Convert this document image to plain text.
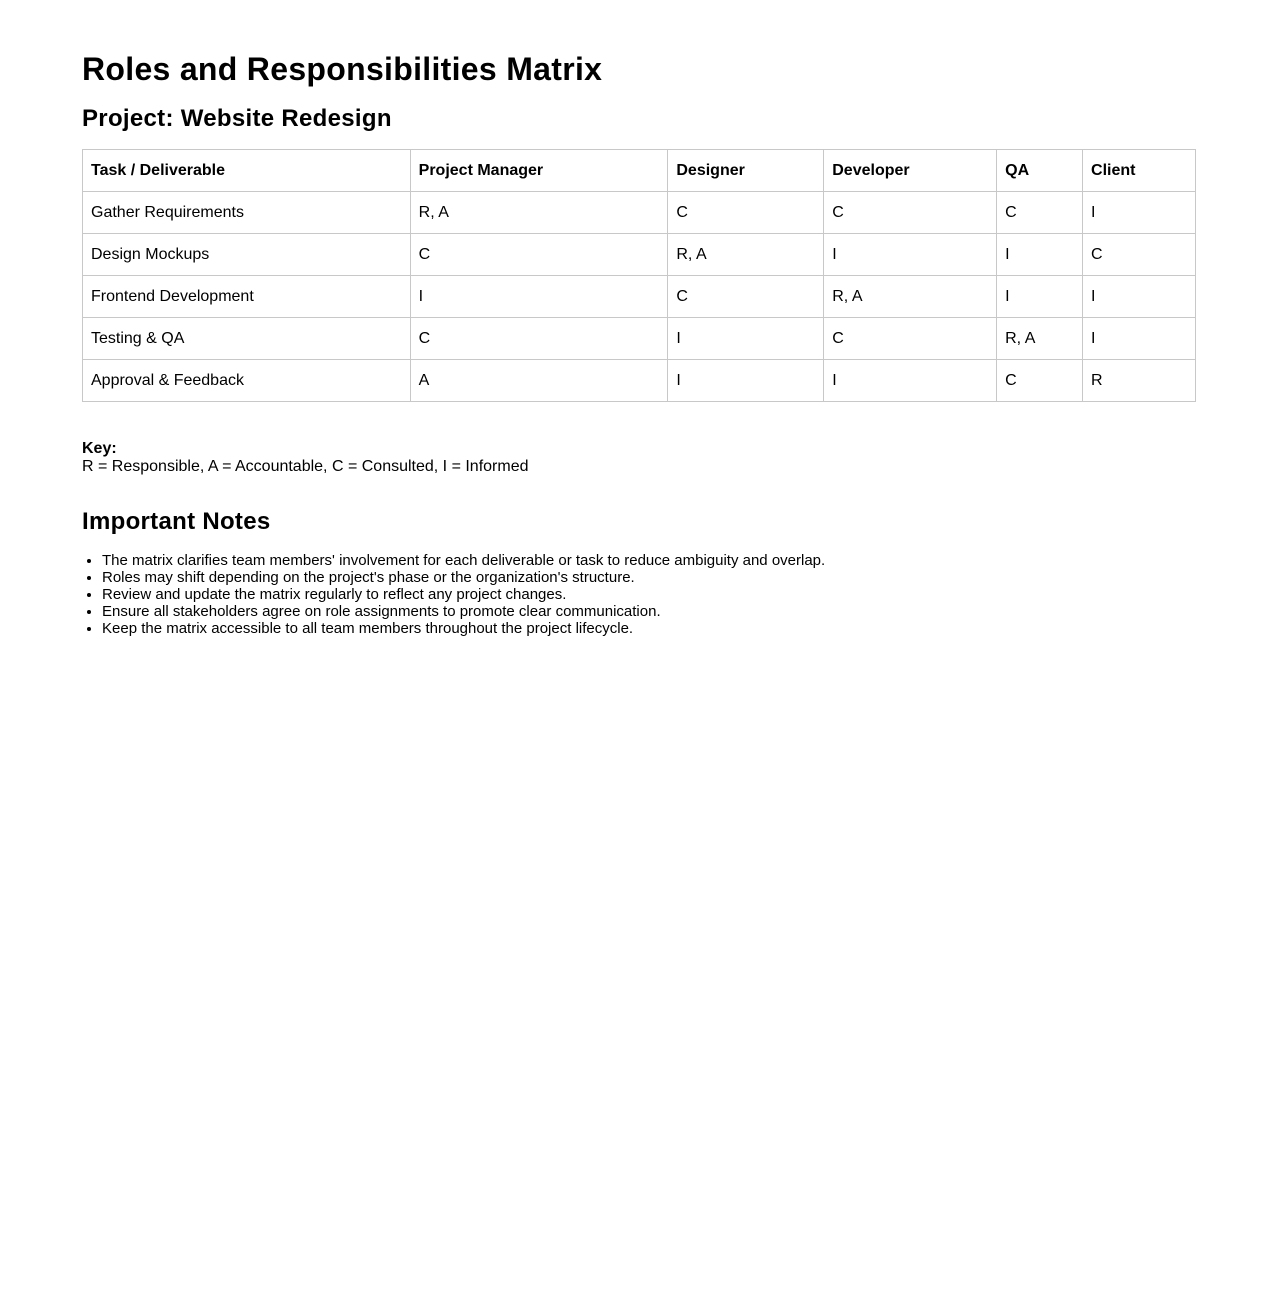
Roles and Responsibilities Matrix
Project: Website Redesign
Task / Deliverable	Project Manager	Designer	Developer	QA	Client
Gather Requirements	R, A	C	C	C	I
Design Mockups	C	R, A	I	I	C
Frontend Development	I	C	R, A	I	I
Testing & QA	C	I	C	R, A	I
Approval & Feedback	A	I	I	C	R
Key:
R = Responsible, A = Accountable, C = Consulted, I = Informed
Important Notes
• The matrix clarifies team members' involvement for each deliverable or task to reduce ambiguity and overlap.
• Roles may shift depending on the project's phase or the organization's structure.
• Review and update the matrix regularly to reflect any project changes.
• Ensure all stakeholders agree on role assignments to promote clear communication.
• Keep the matrix accessible to all team members throughout the project lifecycle.
